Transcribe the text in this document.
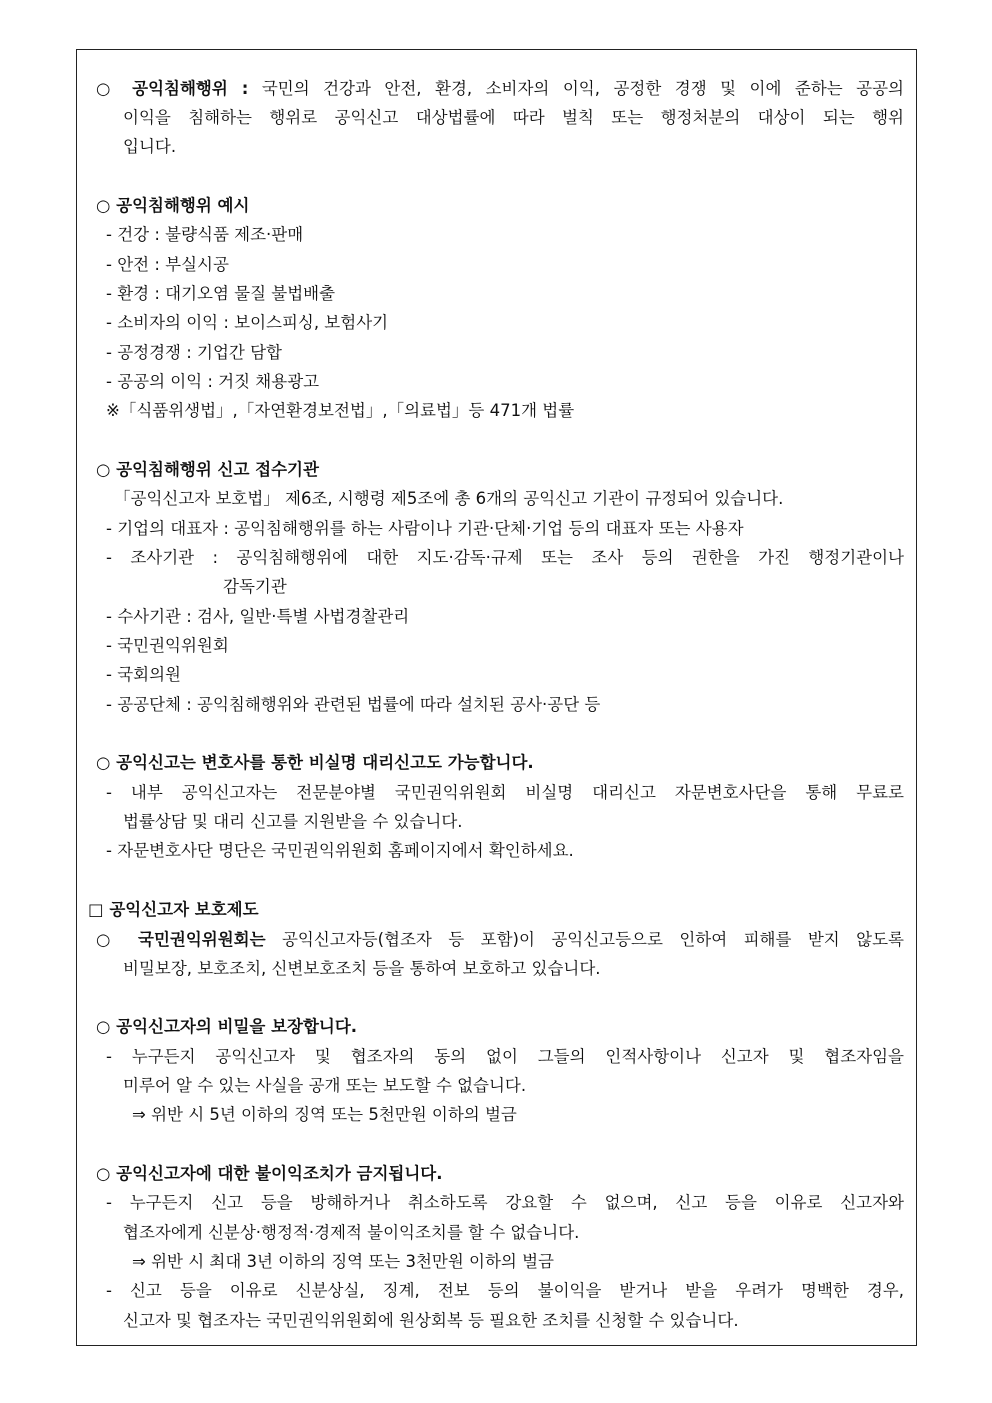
○ 공익침해행위 : 국민의 건강과 안전, 환경, 소비자의 이익, 공정한 경쟁 및 이에 준하는 공공의
이익을 침해하는 행위로 공익신고 대상법률에 따라 벌칙 또는 행정처분의 대상이 되는 행위
입니다.
○ 공익침해행위 예시
- 건강 : 불량식품 제조·판매
- 안전 : 부실시공
- 환경 : 대기오염 물질 불법배출
- 소비자의 이익 : 보이스피싱, 보험사기
- 공정경쟁 : 기업간 담합
- 공공의 이익 : 거짓 채용광고
※「식품위생법」,「자연환경보전법」,「의료법」등 471개 법률
○ 공익침해행위 신고 접수기관
「공익신고자 보호법」 제6조, 시행령 제5조에 총 6개의 공익신고 기관이 규정되어 있습니다.
- 기업의 대표자 : 공익침해행위를 하는 사람이나 기관·단체·기업 등의 대표자 또는 사용자
- 조사기관 : 공익침해행위에 대한 지도·감독·규제 또는 조사 등의 권한을 가진 행정기관이나
감독기관
- 수사기관 : 검사, 일반·특별 사법경찰관리
- 국민권익위원회
- 국회의원
- 공공단체 : 공익침해행위와 관련된 법률에 따라 설치된 공사·공단 등
○ 공익신고는 변호사를 통한 비실명 대리신고도 가능합니다.
- 내부 공익신고자는 전문분야별 국민권익위원회 비실명 대리신고 자문변호사단을 통해 무료로
법률상담 및 대리 신고를 지원받을 수 있습니다.
- 자문변호사단 명단은 국민권익위원회 홈페이지에서 확인하세요.
□ 공익신고자 보호제도
○ 국민권익위원회는 공익신고자등(협조자 등 포함)이 공익신고등으로 인하여 피해를 받지 않도록
비밀보장, 보호조치, 신변보호조치 등을 통하여 보호하고 있습니다.
○ 공익신고자의 비밀을 보장합니다.
- 누구든지 공익신고자 및 협조자의 동의 없이 그들의 인적사항이나 신고자 및 협조자임을
미루어 알 수 있는 사실을 공개 또는 보도할 수 없습니다.
⇒ 위반 시 5년 이하의 징역 또는 5천만원 이하의 벌금
○ 공익신고자에 대한 불이익조치가 금지됩니다.
- 누구든지 신고 등을 방해하거나 취소하도록 강요할 수 없으며, 신고 등을 이유로 신고자와
협조자에게 신분상·행정적·경제적 불이익조치를 할 수 없습니다.
⇒ 위반 시 최대 3년 이하의 징역 또는 3천만원 이하의 벌금
- 신고 등을 이유로 신분상실, 징계, 전보 등의 불이익을 받거나 받을 우려가 명백한 경우,
신고자 및 협조자는 국민권익위원회에 원상회복 등 필요한 조치를 신청할 수 있습니다.
